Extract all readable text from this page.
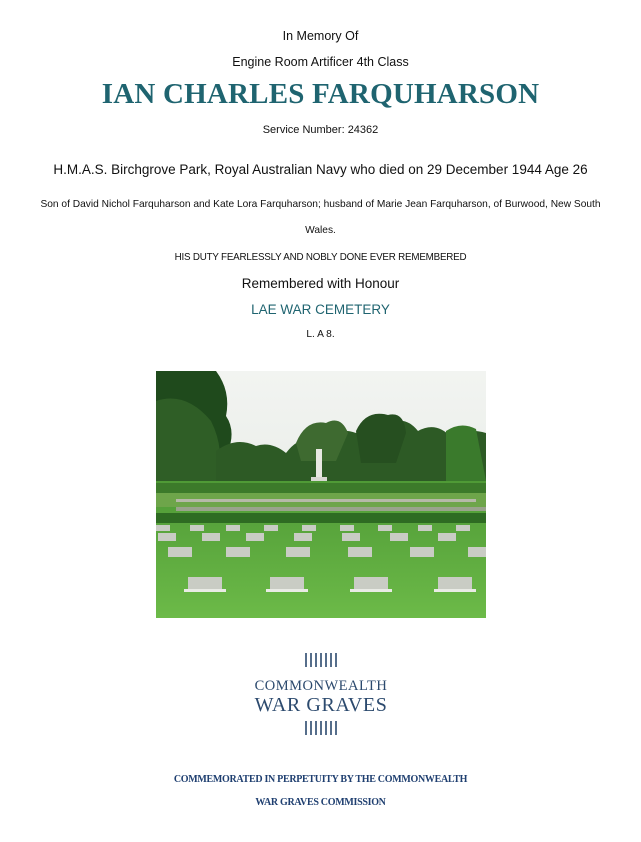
In Memory Of
Engine Room Artificer 4th Class
IAN CHARLES FARQUHARSON
Service Number: 24362
H.M.A.S. Birchgrove Park, Royal Australian Navy who died on 29 December 1944 Age 26
Son of David Nichol Farquharson and Kate Lora Farquharson; husband of Marie Jean Farquharson, of Burwood, New South Wales.
HIS DUTY FEARLESSLY AND NOBLY DONE EVER REMEMBERED
Remembered with Honour
LAE WAR CEMETERY
L. A 8.
COMMONWEALTH
WAR GRAVES
COMMEMORATED IN PERPETUITY BY THE COMMONWEALTH
WAR GRAVES COMMISSION
